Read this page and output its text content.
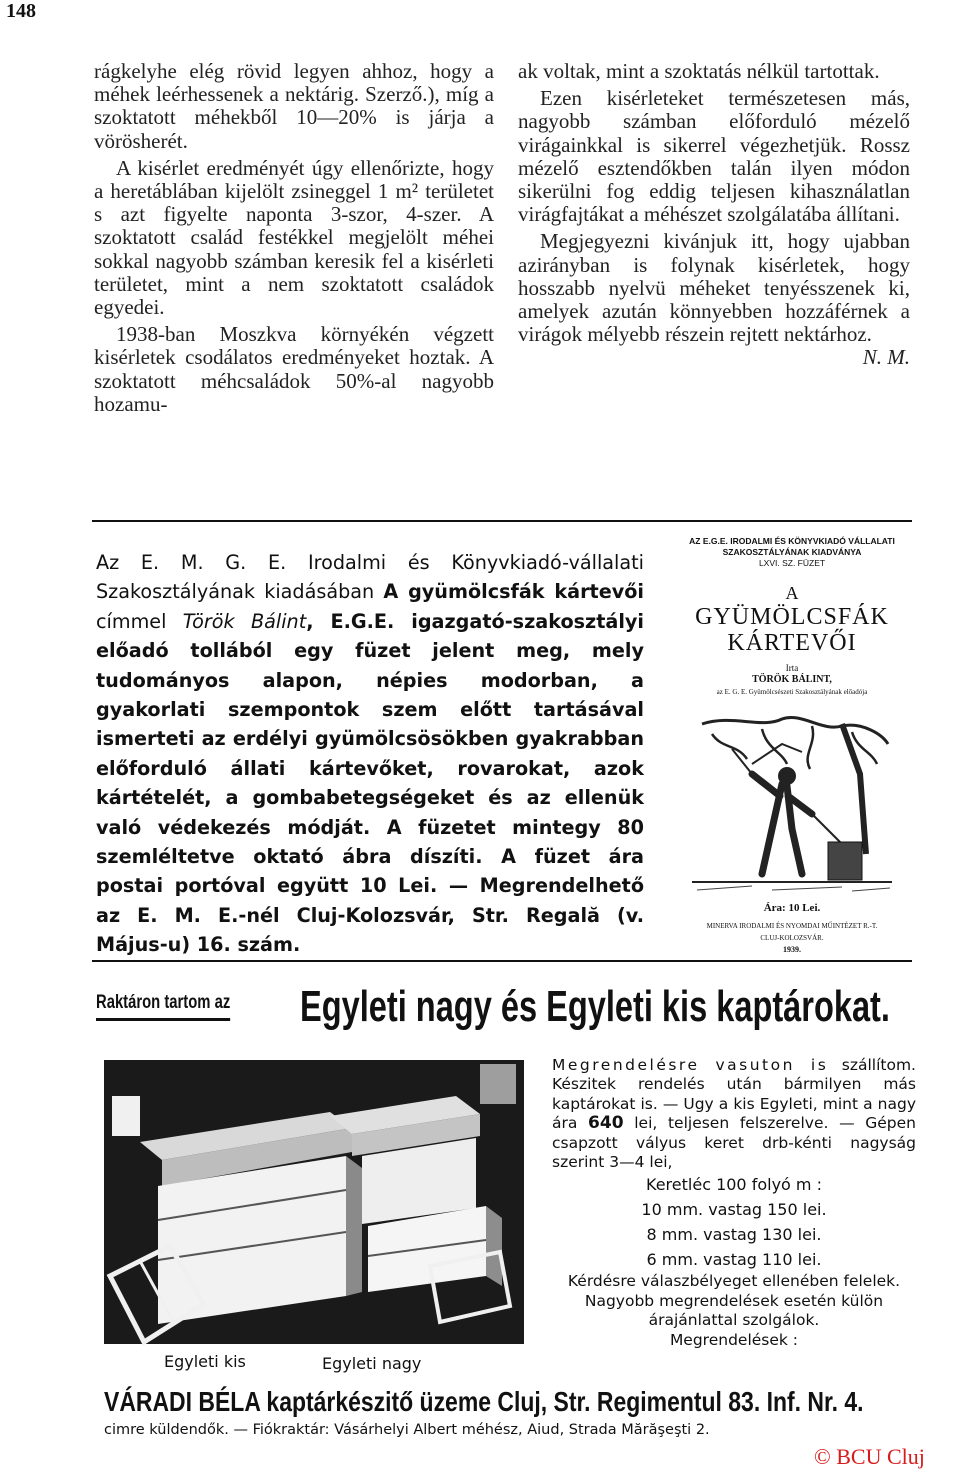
148

rágkelyhe elég rövid legyen ahhoz, hogy a méhek leérhessenek a nektárig. Szerző.), míg a szoktatott méhekből 10—20% is járja a vörösherét.

A kisérlet eredményét úgy ellenőrizte, hogy a heretáblában kijelölt zsineggel 1 m² területet s azt figyelte naponta 3-szor, 4-szer. A szoktatott család festékkel megjelölt méhei sokkal nagyobb számban keresik fel a kisérleti területet, mint a nem szoktatott családok egyedei.

1938-ban Moszkva környékén végzett kisérletek csodálatos eredményeket hoztak. A szoktatott méhcsaládok 50%-al nagyobb hozamu-

ak voltak, mint a szoktatás nélkül tartottak.

Ezen kisérleteket természetesen más, nagyobb számban előforduló mézelő virágainkkal is sikerrel végezhetjük. Rossz mézelő esztendőkben talán ilyen módon sikerülni fog eddig teljesen kihasználatlan virágfajtákat a méhészet szolgálatába állítani.

Megjegyezni kivánjuk itt, hogy ujabban azirányban is folynak kisérletek, hogy hosszabb nyelvü méheket tenyésszenek ki, amelyek azután könnyebben hozzáférnek a virágok mélyebb részein rejtett nektárhoz.

N. M.
Az E. M. G. E. Irodalmi és Könyvkiadó-vállalati Szakosztályának kiadásában A gyümölcsfák kártevői címmel Török Bálint, E.G.E. igazgató-szakosztályi előadó tollából egy füzet jelent meg, mely tudományos alapon, népies modorban, a gyakorlati szempontok szem előtt tartásával ismerteti az erdélyi gyümölcsösökben gyakrabban előforduló állati kártevőket, rovarokat, azok kártételét, a gombabetegségeket és az ellenük való védekezés módját. A füzetet mintegy 80 szemléltetve oktató ábra díszíti. A füzet ára postai portóval együtt 10 Lei. — Megrendelhető az E. M. E.-nél Cluj-Kolozsvár, Str. Regală (v. Május-u) 16. szám.
AZ E.G.E. IRODALMI ÉS KÖNYVKIADÓ VÁLLALATI
SZAKOSZTÁLYÁNAK KIADVÁNYA
LXVI. SZ. FÜZET
A
GYÜMÖLCSFÁK
KÁRTEVŐI
Irta
TÖRÖK BÁLINT,
az E. G. E. Gyümölcsészeti Szakosztályának előadója
Ára: 10 Lei.
MINERVA IRODALMI ÉS NYOMDAI MŰINTÉZET R.-T.
CLUJ-KOLOZSVÁR.
1939.
Raktáron tartom az Egyleti nagy és Egyleti kis kaptárokat.
Egyleti kis	Egyleti nagy

Megrendelésre vasuton is szállítom. Készitek rendelés után bármilyen más kaptárokat is. — Ugy a kis Egyleti, mint a nagy ára 640 lei, teljesen felszerelve. — Gépen csapzott vályus keret drb-kénti nagyság szerint 3—4 lei,

Keretléc 100 folyó m :
10 mm. vastag 150 lei.
8 mm. vastag 130 lei.
6 mm. vastag 110 lei.

Kérdésre válaszbélyeget ellenében felelek.

Nagyobb megrendelések esetén külön árajánlattal szolgálok.

Megrendelések :

VÁRADI BÉLA kaptárkészitő üzeme Cluj, Str. Regimentul 83. Inf. Nr. 4.
cimre küldendők. — Fiókraktár: Vásárhelyi Albert méhész, Aiud, Strada Mărăşeşti 2.
© BCU Cluj
